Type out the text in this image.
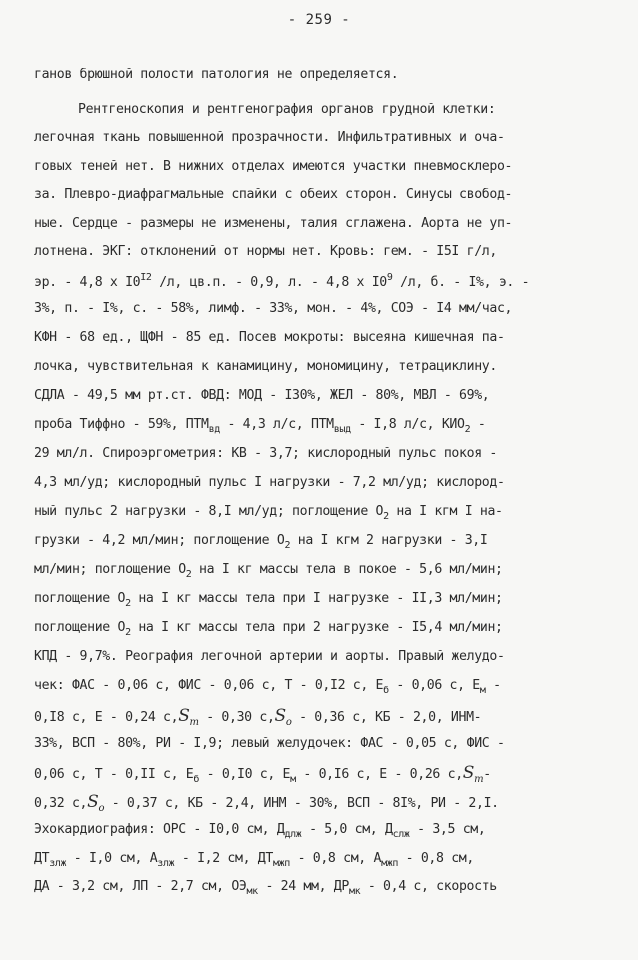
- 259 -
ганов брюшной полости патология не определяется.
Рентгеноскопия и рентгенография органов грудной клетки:
легочная ткань повышенной прозрачности. Инфильтративных и оча-
говых теней нет. В нижних отделах имеются участки пневмосклеро-
за. Плевро-диафрагмальные спайки с обеих сторон. Синусы свобод-
ные. Сердце - размеры не изменены, талия сглажена. Аорта не уп-
лотнена. ЭКГ: отклонений от нормы нет. Кровь: гем. - I5I г/л,
эр. - 4,8 х $I0^{I2}$ /л, цв.п. - 0,9, л. - 4,8 х $I0^9$ /л, б. - I%, э. -
3%, п. - I%, с. - 58%, лимф. - 33%, мон. - 4%, СОЭ - I4 мм/час,
КФН - 68 ед., ЩФН - 85 ед. Посев мокроты: высеяна кишечная па-
лочка, чувствительная к канамицину, мономицину, тетрациклину.
СДЛА - 49,5 мм рт.ст. ФВД: МОД - I30%, ЖЕЛ - 80%, МВЛ - 69%,
проба Тиффно - 59%, $ПТМ_{вд} - 4,3$ л/с, $ПТМ_{выд} - I,8$ л/с, $КИО_2$ -
29 мл/л. Спироэргометрия: КВ - 3,7; кислородный пульс покоя -
4,3 мл/уд; кислородный пульс I нагрузки - 7,2 мл/уд; кислород-
ный пульс 2 нагрузки - 8,I мл/уд; поглощение $О_2$ на I кгм I на-
грузки - 4,2 мл/мин; поглощение $О_2$ на I кгм 2 нагрузки - 3,I
мл/мин; поглощение $О_2$ на I кг массы тела в покое - 5,6 мл/мин;
поглощение $О_2$ на I кг массы тела при I нагрузке - II,3 мл/мин;
поглощение $О_2$ на I кг массы тела при 2 нагрузке - I5,4 мл/мин;
КПД - 9,7%. Реография легочной артерии и аорты. Правый желудо-
чек: ФАС - 0,06 с, ФИС - 0,06 с, Т - 0,I2 с, $Е_б - 0,06$ с, $Е_м$ -
0,I8 с, Е - 0,24 $с,S_m - 0,30$ $с,S_o - 0,36$ с, КБ - 2,0, ИНМ-
33%, ВСП - 80%, РИ - I,9; левый желудочек: ФАС - 0,05 с, ФИС -
0,06 с, Т - 0,II с, $Е_б - 0,I0$ с, $Е_м - 0,I6$ с, Е - 0,26 $с,S_m-$
0,32 $с,S_o - 0,37$ с, КБ - 2,4, ИНМ - 30%, ВСП - 8I%, РИ - 2,I.
Эхокардиография: ОРС - I0,0 см, $Д_{длж} - 5,0$ см, $Д_{слж} - 3,5$ см,
$ДТ_{злж} - I,0$ см, $А_{злж} - I,2$ см, $ДТ_{мжп} - 0,8$ см, $А_{мжп} - 0,8$ см,
ДА - 3,2 см, ЛП - 2,7 см, $ОЭ_{мк} - 24$ мм, $ДР_{мк} - 0,4$ с, скорость
